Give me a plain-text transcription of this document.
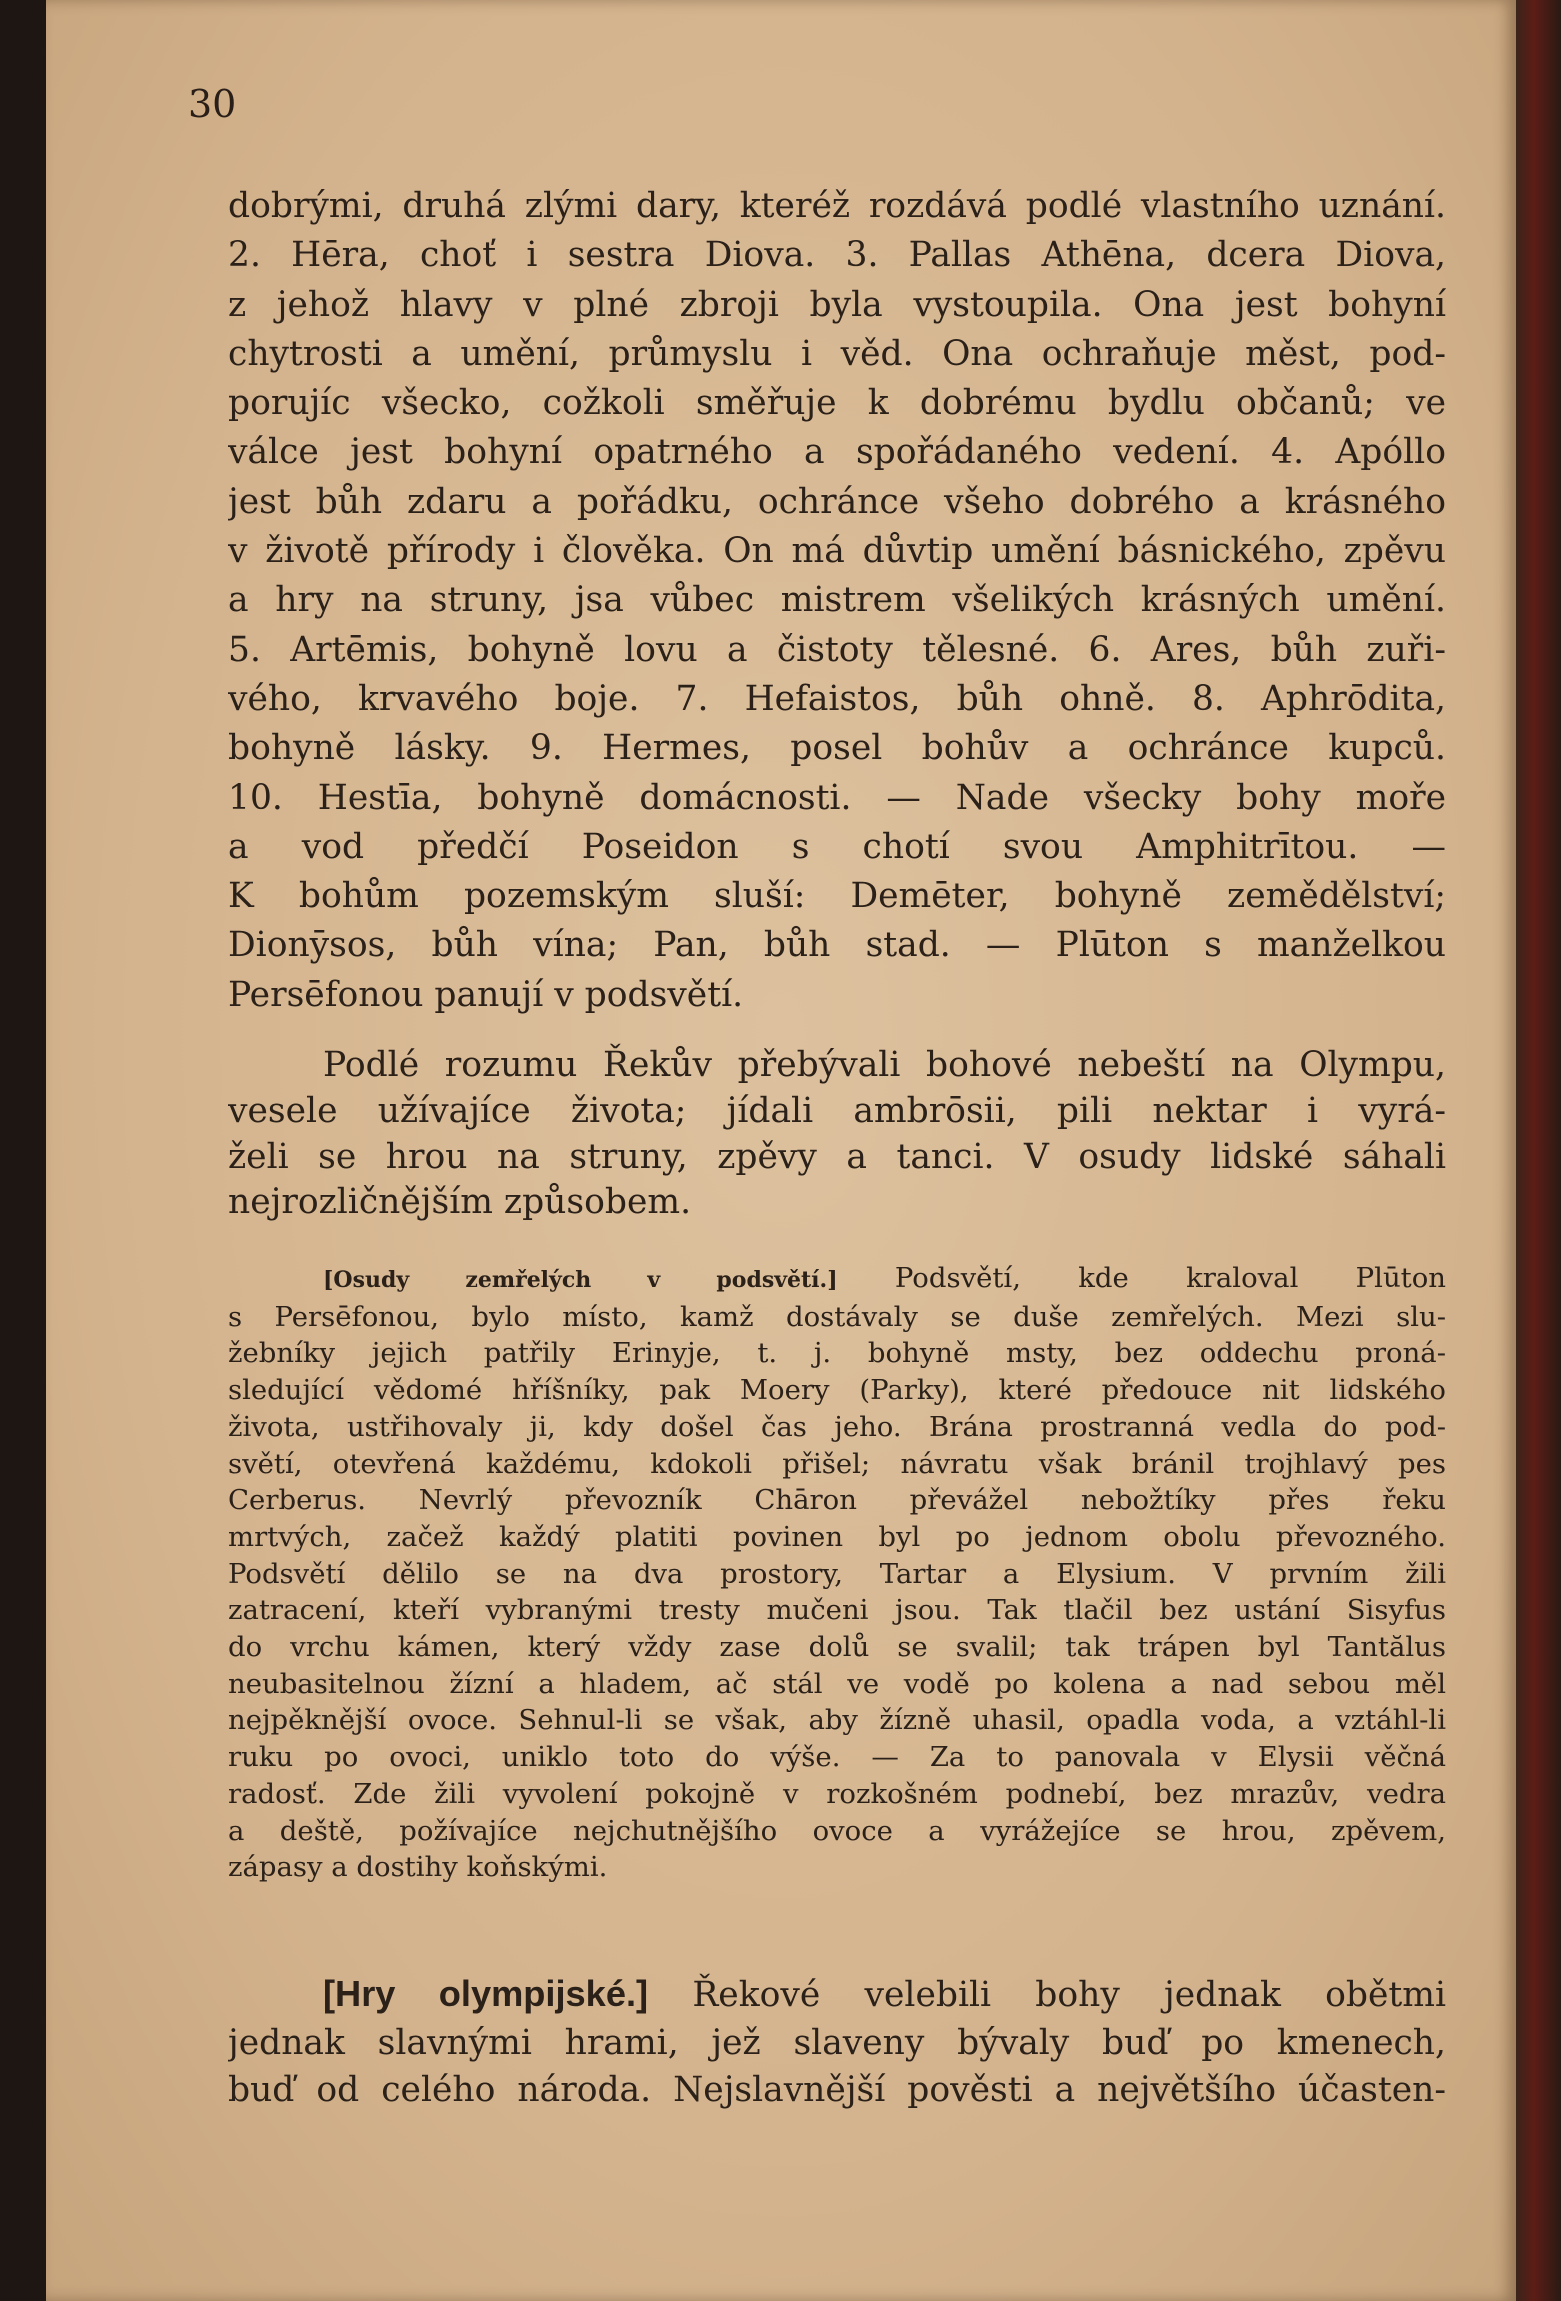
30

dobrými, druhá zlými dary, kteréž rozdává podlé vlastního uznání.
2. Hēra, choť i sestra Diova. 3. Pallas Athēna, dcera Diova,
z jehož hlavy v plné zbroji byla vystoupila. Ona jest bohyní
chytrosti a umění, průmyslu i věd. Ona ochraňuje měst, pod-
porujíc všecko, cožkoli směřuje k dobrému bydlu občanů; ve
válce jest bohyní opatrného a spořádaného vedení. 4. Apóllo
jest bůh zdaru a pořádku, ochránce všeho dobrého a krásného
v životě přírody i člověka. On má důvtip umění básnického, zpěvu
a hry na struny, jsa vůbec mistrem všelikých krásných umění.
5. Artēmis, bohyně lovu a čistoty tělesné. 6. Ares, bůh zuři-
vého, krvavého boje. 7. Hefaistos, bůh ohně. 8. Aphrōdita,
bohyně lásky. 9. Hermes, posel bohův a ochránce kupců.
10. Hestīa, bohyně domácnosti. — Nade všecky bohy moře
a vod předčí Poseidon s chotí svou Amphitrītou. —
K bohům pozemským sluší: Demēter, bohyně zemědělství;
Dionȳsos, bůh vína; Pan, bůh stad. — Plūton s manželkou
Persēfonou panují v podsvětí.
Podlé rozumu Řekův přebývali bohové nebeští na Olympu,
vesele užívajíce života; jídali ambrōsii, pili nektar i vyrá-
želi se hrou na struny, zpěvy a tanci. V osudy lidské sáhali
nejrozličnějším způsobem.
[Osudy zemřelých v podsvětí.] Podsvětí, kde kraloval Plūton
s Persēfonou, bylo místo, kamž dostávaly se duše zemřelých. Mezi slu-
žebníky jejich patřily Erinyje, t. j. bohyně msty, bez oddechu proná-
sledující vědomé hříšníky, pak Moery (Parky), které předouce nit lidského
života, ustřihovaly ji, kdy došel čas jeho. Brána prostranná vedla do pod-
světí, otevřená každému, kdokoli přišel; návratu však bránil trojhlavý pes
Cerberus. Nevrlý převozník Chāron převážel nebožtíky přes řeku
mrtvých, začež každý platiti povinen byl po jednom obolu převozného.
Podsvětí dělilo se na dva prostory, Tartar a Elysium. V prvním žili
zatracení, kteří vybranými tresty mučeni jsou. Tak tlačil bez ustání Sisyfus
do vrchu kámen, který vždy zase dolů se svalil; tak trápen byl Tantălus
neubasitelnou žízní a hladem, ač stál ve vodě po kolena a nad sebou měl
nejpěknější ovoce. Sehnul-li se však, aby žízně uhasil, opadla voda, a vztáhl-li
ruku po ovoci, uniklo toto do výše. — Za to panovala v Elysii věčná
radosť. Zde žili vyvolení pokojně v rozkošném podnebí, bez mrazův, vedra
a deště, požívajíce nejchutnějšího ovoce a vyrážejíce se hrou, zpěvem,
zápasy a dostihy koňskými.
[Hry olympijské.] Řekové velebili bohy jednak obětmi
jednak slavnými hrami, jež slaveny bývaly buď po kmenech,
buď od celého národa. Nejslavnější pověsti a největšího účasten-
